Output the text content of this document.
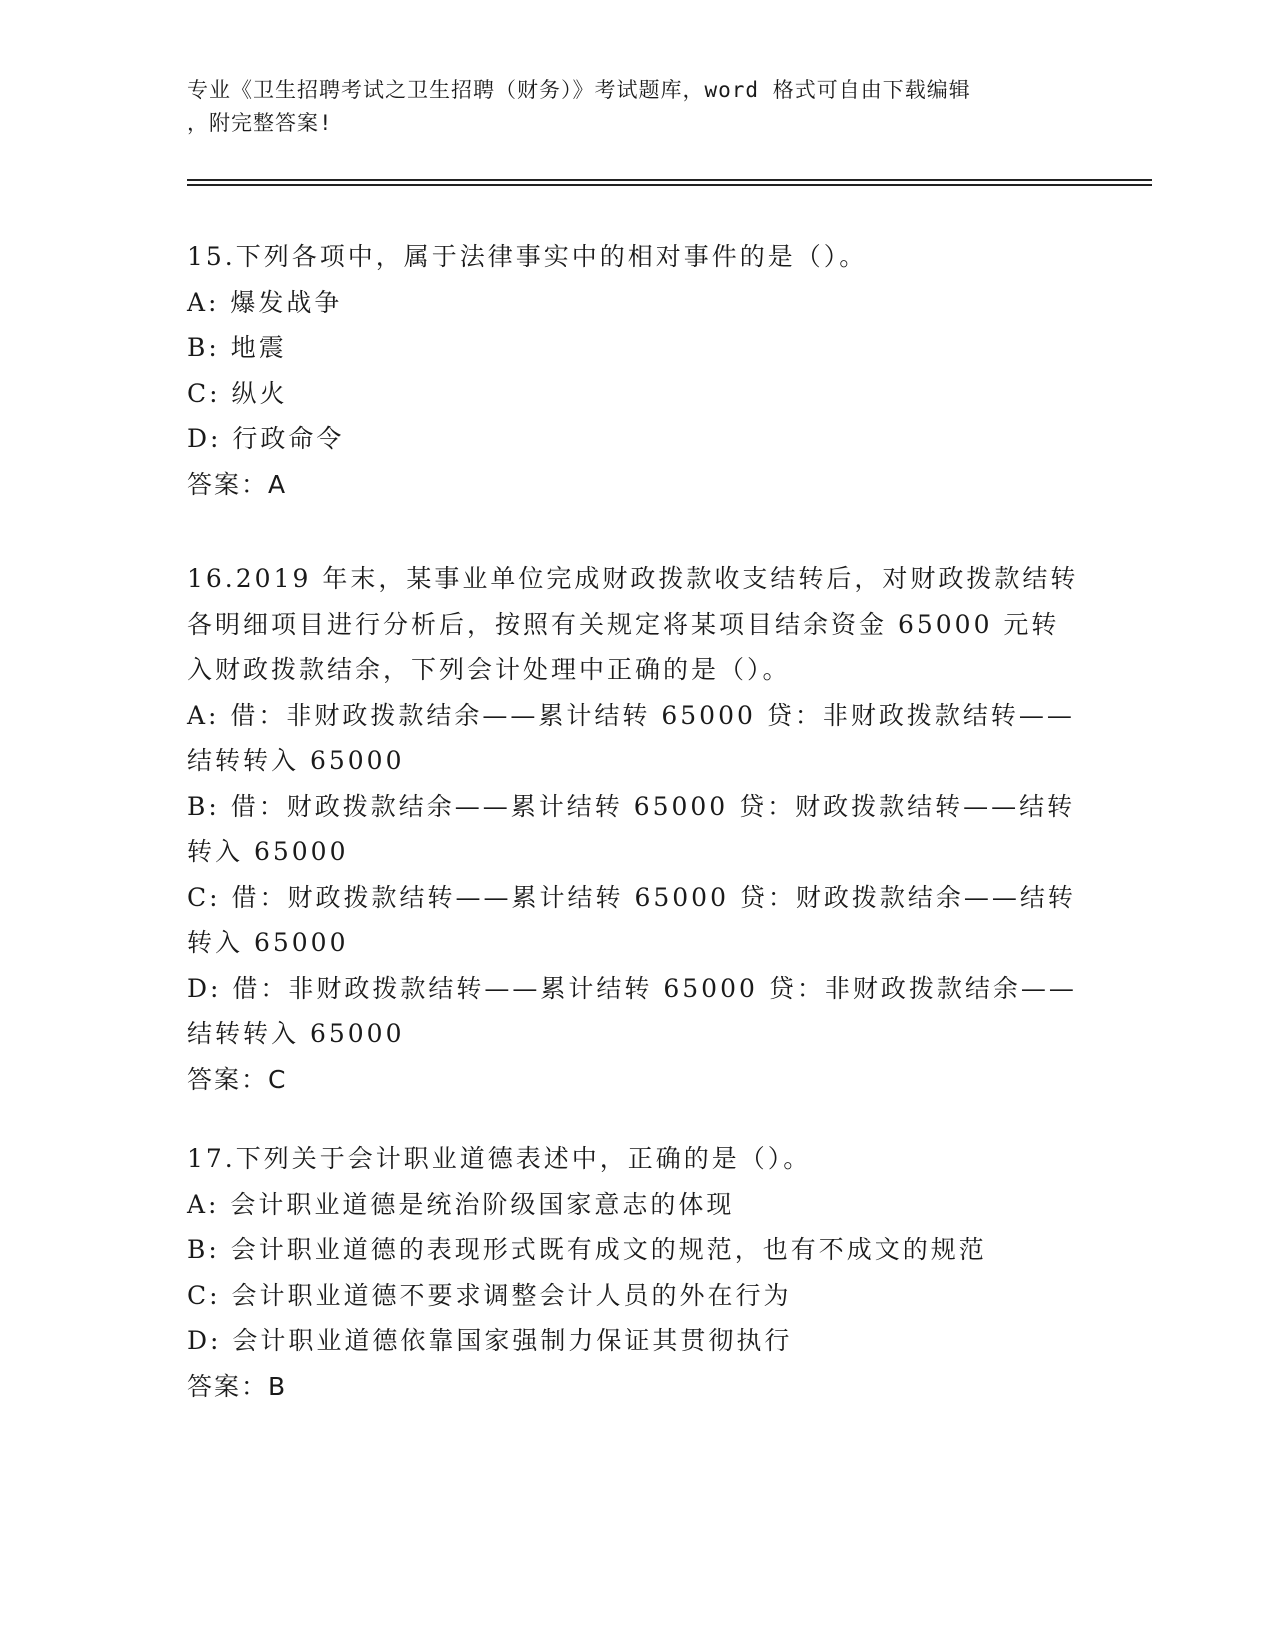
专业《卫生招聘考试之卫生招聘（财务）》考试题库，word 格式可自由下载编辑
，附完整答案!
15.下列各项中，属于法律事实中的相对事件的是（）。
A: 爆发战争
B: 地震
C: 纵火
D: 行政命令
答案：A
16.2019 年末，某事业单位完成财政拨款收支结转后，对财政拨款结转
各明细项目进行分析后，按照有关规定将某项目结余资金 65000 元转
入财政拨款结余，下列会计处理中正确的是（）。
A: 借：非财政拨款结余——累计结转 65000 贷：非财政拨款结转——
结转转入 65000
B: 借：财政拨款结余——累计结转 65000 贷：财政拨款结转——结转
转入 65000
C: 借：财政拨款结转——累计结转 65000 贷：财政拨款结余——结转
转入 65000
D: 借：非财政拨款结转——累计结转 65000 贷：非财政拨款结余——
结转转入 65000
答案：C
17.下列关于会计职业道德表述中，正确的是（）。
A: 会计职业道德是统治阶级国家意志的体现
B: 会计职业道德的表现形式既有成文的规范，也有不成文的规范
C: 会计职业道德不要求调整会计人员的外在行为
D: 会计职业道德依靠国家强制力保证其贯彻执行
答案：B
